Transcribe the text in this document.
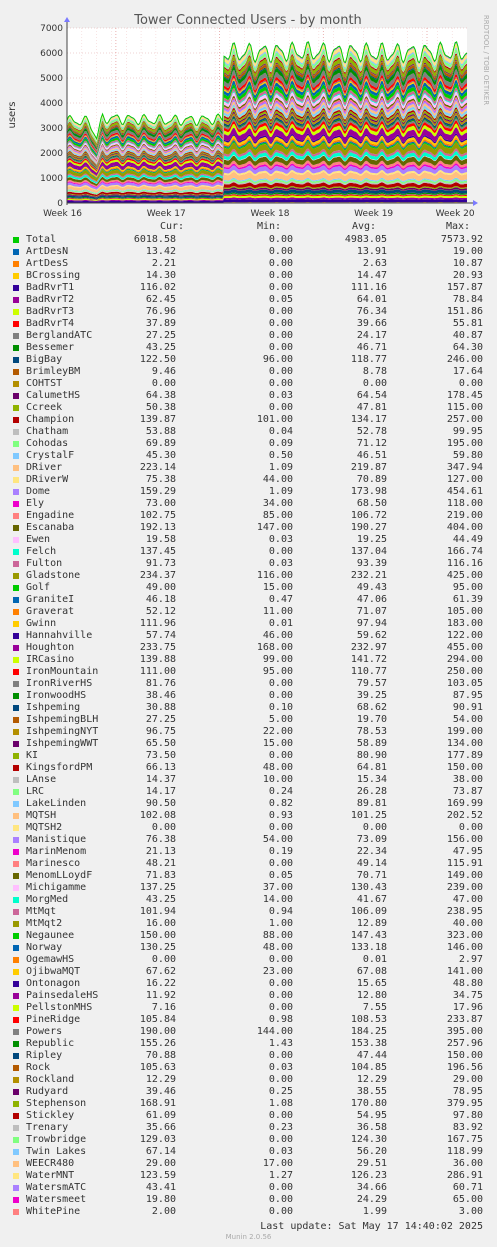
Tower Connected Users - by month
users
RRDTOOL / TOBI OETIKER
0
1000
2000
3000
4000
5000
6000
7000
Week 16	Week 17	Week 18	Week 19	Week 20
Cur:	Min:	Avg:	Max:
Total	6018.58	0.00	4983.05	7573.92
ArtDesN	13.42	0.00	13.91	19.00
ArtDesS	2.21	0.00	2.63	10.87
BCrossing	14.30	0.00	14.47	20.93
BadRvrT1	116.02	0.00	111.16	157.87
BadRvrT2	62.45	0.05	64.01	78.84
BadRvrT3	76.96	0.00	76.34	151.86
BadRvrT4	37.89	0.00	39.66	55.81
BerglandATC	27.25	0.00	24.17	40.87
Bessemer	43.25	0.00	46.71	64.30
BigBay	122.50	96.00	118.77	246.00
BrimleyBM	9.46	0.00	8.78	17.64
COHTST	0.00	0.00	0.00	0.00
CalumetHS	64.38	0.03	64.54	178.45
Ccreek	50.38	0.00	47.81	115.00
Champion	139.87	101.00	134.17	257.00
Chatham	53.88	0.04	52.78	99.95
Cohodas	69.89	0.09	71.12	195.00
CrystalF	45.30	0.50	46.51	59.80
DRiver	223.14	1.09	219.87	347.94
DRiverW	75.38	44.00	70.89	127.00
Dome	159.29	1.09	173.98	454.61
Ely	73.00	34.00	68.50	118.00
Engadine	102.75	85.00	106.72	219.00
Escanaba	192.13	147.00	190.27	404.00
Ewen	19.58	0.03	19.25	44.49
Felch	137.45	0.00	137.04	166.74
Fulton	91.73	0.03	93.39	116.16
Gladstone	234.37	116.00	232.21	425.00
Golf	49.00	15.00	49.43	95.00
GraniteI	46.18	0.47	47.06	61.39
Graverat	52.12	11.00	71.07	105.00
Gwinn	111.96	0.01	97.94	183.00
Hannahville	57.74	46.00	59.62	122.00
Houghton	233.75	168.00	232.97	455.00
IRCasino	139.88	99.00	141.72	294.00
IronMountain	111.00	95.00	110.77	250.00
IronRiverHS	81.76	0.00	79.57	103.05
IronwoodHS	38.46	0.00	39.25	87.95
Ishpeming	30.88	0.10	68.62	90.91
IshpemingBLH	27.25	5.00	19.70	54.00
IshpemingNYT	96.75	22.00	78.53	199.00
IshpemingWWT	65.50	15.00	58.89	134.00
KI	73.50	0.00	80.90	177.89
KingsfordPM	66.13	48.00	64.81	150.00
LAnse	14.37	10.00	15.34	38.00
LRC	14.17	0.24	26.28	73.87
LakeLinden	90.50	0.82	89.81	169.99
MQTSH	102.08	0.93	101.25	202.52
MQTSH2	0.00	0.00	0.00	0.00
Manistique	76.38	54.00	73.09	156.00
MarinMenom	21.13	0.19	22.34	47.95
Marinesco	48.21	0.00	49.14	115.91
MenomLLoydF	71.83	0.05	70.71	149.00
Michigamme	137.25	37.00	130.43	239.00
MorgMed	43.25	14.00	41.67	47.00
MtMqt	101.94	0.94	106.09	238.95
MtMqt2	16.00	1.00	12.89	40.00
Negaunee	150.00	88.00	147.43	323.00
Norway	130.25	48.00	133.18	146.00
OgemawHS	0.00	0.00	0.01	2.97
OjibwaMQT	67.62	23.00	67.08	141.00
Ontonagon	16.22	0.00	15.65	48.80
PainsedaleHS	11.92	0.00	12.80	34.75
PellstonMHS	7.16	0.00	7.55	17.96
PineRidge	105.84	0.98	108.53	233.87
Powers	190.00	144.00	184.25	395.00
Republic	155.26	1.43	153.38	257.96
Ripley	70.88	0.00	47.44	150.00
Rock	105.63	0.03	104.85	196.56
Rockland	12.29	0.00	12.29	29.00
Rudyard	39.46	0.25	38.55	78.95
Stephenson	168.91	1.08	170.80	379.95
Stickley	61.09	0.00	54.95	97.80
Trenary	35.66	0.23	36.58	83.92
Trowbridge	129.03	0.00	124.30	167.75
Twin Lakes	67.14	0.03	56.20	118.99
WEECR480	29.00	17.00	29.51	36.00
WaterMNT	123.59	1.27	126.23	286.91
WatersmATC	43.41	0.00	34.66	60.71
Watersmeet	19.80	0.00	24.29	65.00
WhitePine	2.00	0.00	1.99	3.00
Last update: Sat May 17 14:40:02 2025
Munin 2.0.56
